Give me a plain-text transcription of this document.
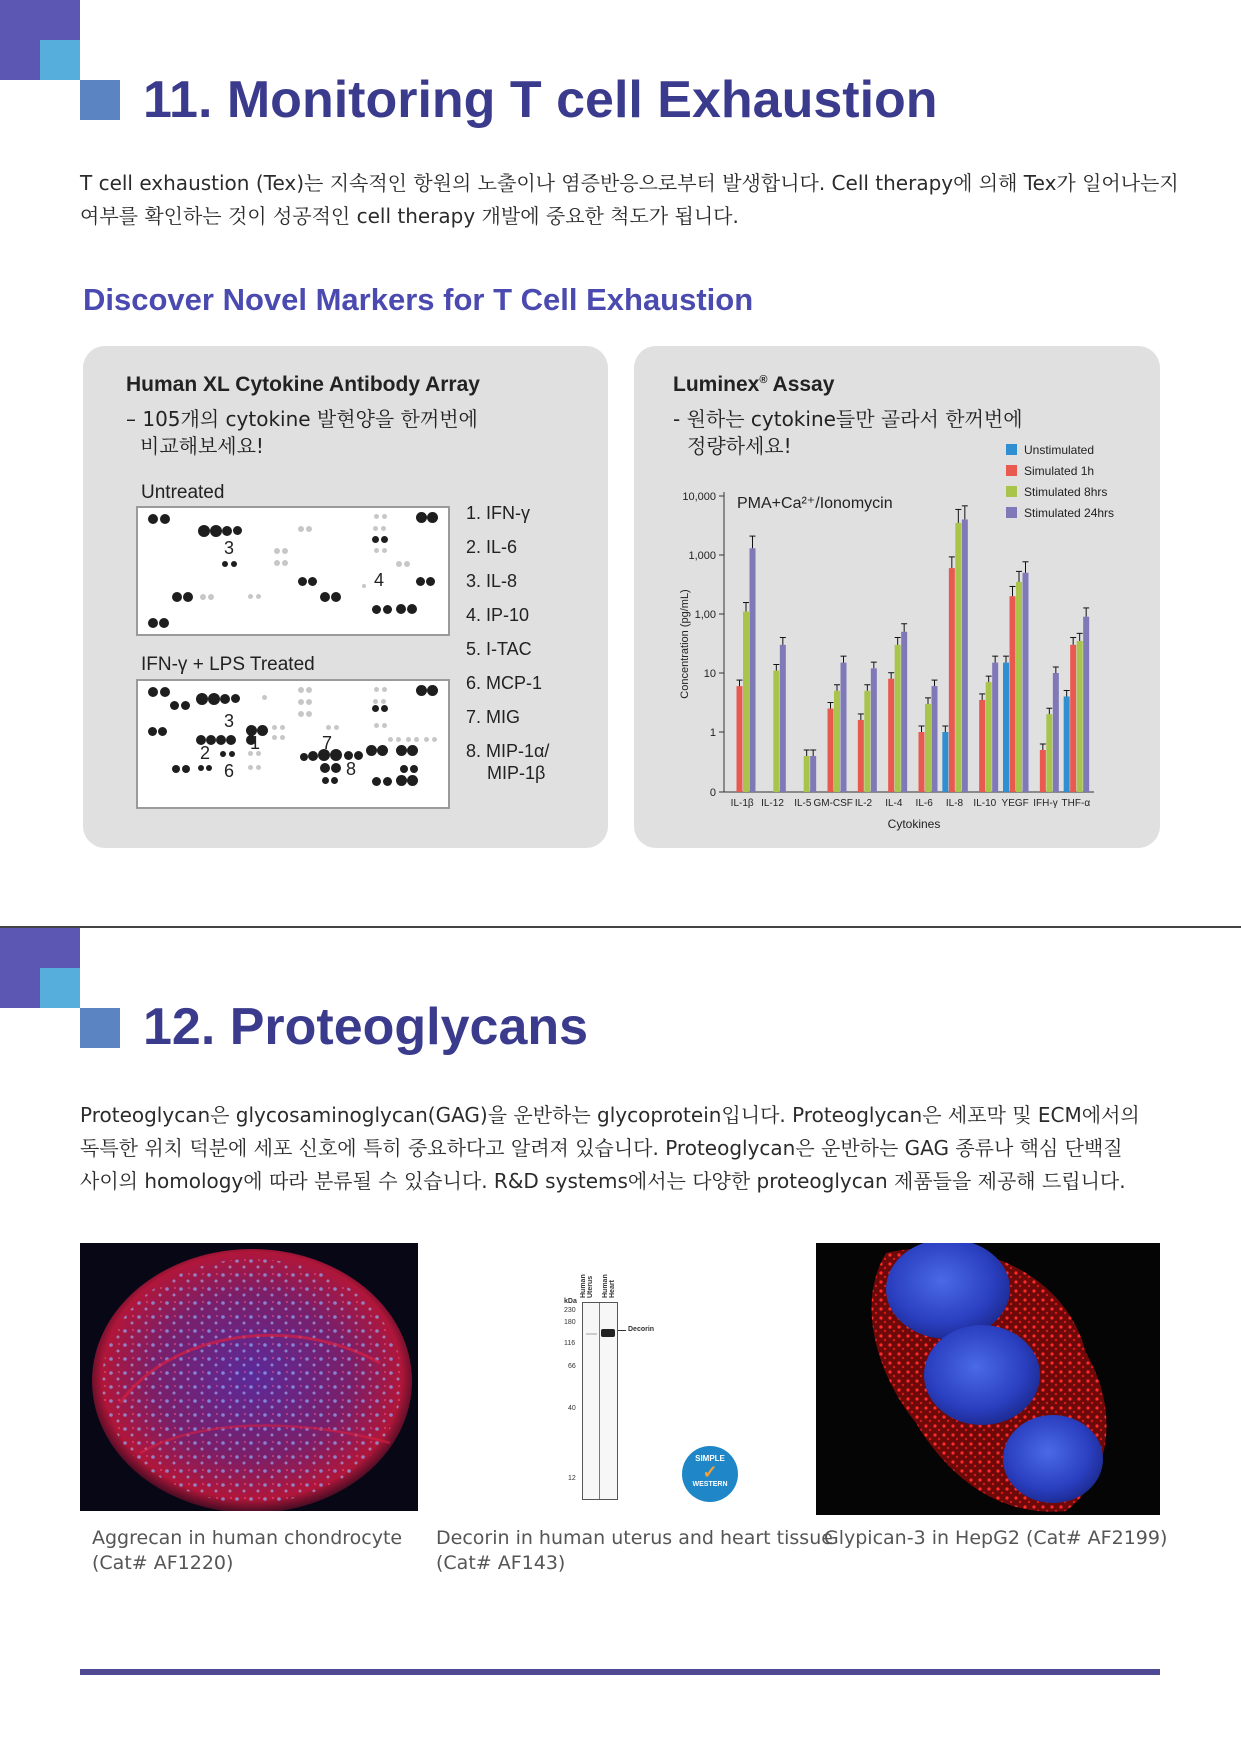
11. Monitoring T cell Exhaustion
T cell exhaustion (Tex)는 지속적인 항원의 노출이나 염증반응으로부터 발생합니다. Cell therapy에 의해 Tex가 일어나는지
여부를 확인하는 것이 성공적인 cell therapy 개발에 중요한 척도가 됩니다.
Discover Novel Markers for T Cell Exhaustion
Human XL Cytokine Antibody Array
– 105개의 cytokine 발현양을 한꺼번에
비교해보세요!
Untreated
3
4
IFN-γ + LPS Treated
3
1
2	7
6	8
1. IFN-γ
2. IL-6
3. IL-8
4. IP-10
5. I-TAC
6. MCP-1
7. MIG
8. MIP-1α/
MIP-1β
Luminex® Assay
- 원하는 cytokine들만 골라서 한꺼번에
정량하세요!
0
1
10
1,00
1,000
10,000
Concentration (pg/mL)
Cytokines
PMA+Ca²⁺/Ionomycin
IL-1β IL-12 IL-5 GM-CSF IL-2 IL-4 IL-6 IL-8 IL-10 YEGF IFH-γ THF-α
Unstimulated
Simulated 1h
Stimulated 8hrs
Stimulated 24hrs
12. Proteoglycans
Proteoglycan은 glycosaminoglycan(GAG)을 운반하는 glycoprotein입니다. Proteoglycan은 세포막 및 ECM에서의
독특한 위치 덕분에 세포 신호에 특히 중요하다고 알려져 있습니다. Proteoglycan은 운반하는 GAG 종류나 핵심 단백질
사이의 homology에 따라 분류될 수 있습니다. R&D systems에서는 다양한 proteoglycan 제품들을 제공해 드립니다.
Aggrecan in human chondrocyte
(Cat# AF1220)
Human Uterus Human Heart
kDa
230
180
116
66
40
12
Decorin
SIMPLE
✓
WESTERN
Decorin in human uterus and heart tissue
(Cat# AF143)
Glypican-3 in HepG2 (Cat# AF2199)
